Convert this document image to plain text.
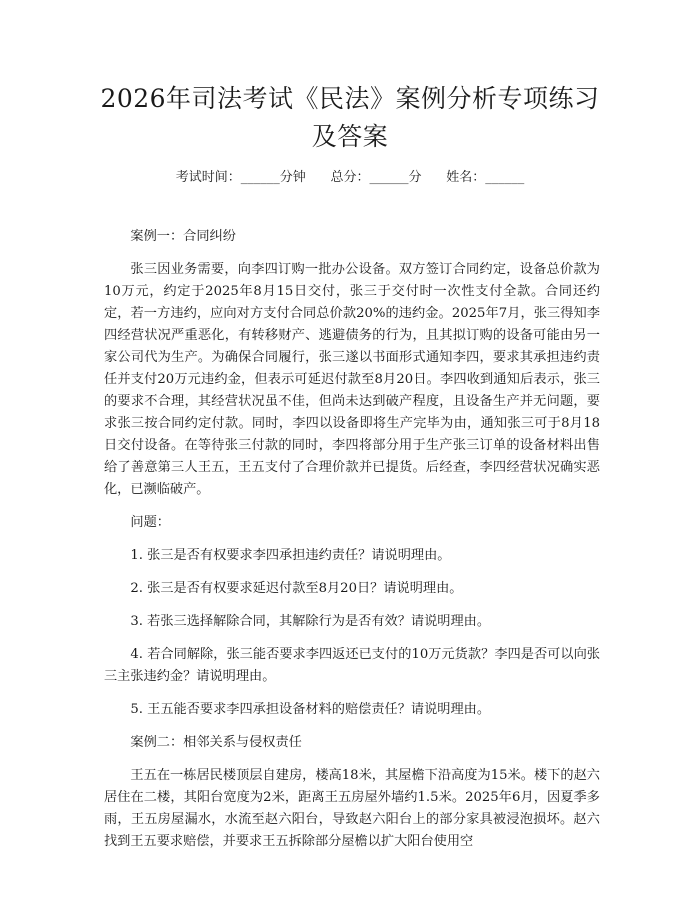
2026年司法考试《民法》案例分析专项练习及答案
考试时间：______分钟      总分：______分      姓名：______

案例一：合同纠纷

张三因业务需要，向李四订购一批办公设备。双方签订合同约定，设备总价款为10万元，约定于2025年8月15日交付，张三于交付时一次性支付全款。合同还约定，若一方违约，应向对方支付合同总价款20%的违约金。2025年7月，张三得知李四经营状况严重恶化，有转移财产、逃避债务的行为，且其拟订购的设备可能由另一家公司代为生产。为确保合同履行，张三遂以书面形式通知李四，要求其承担违约责任并支付20万元违约金，但表示可延迟付款至8月20日。李四收到通知后表示，张三的要求不合理，其经营状况虽不佳，但尚未达到破产程度，且设备生产并无问题，要求张三按合同约定付款。同时，李四以设备即将生产完毕为由，通知张三可于8月18日交付设备。在等待张三付款的同时，李四将部分用于生产张三订单的设备材料出售给了善意第三人王五，王五支付了合理价款并已提货。后经查，李四经营状况确实恶化，已濒临破产。

问题：

1. 张三是否有权要求李四承担违约责任？请说明理由。

2. 张三是否有权要求延迟付款至8月20日？请说明理由。

3. 若张三选择解除合同，其解除行为是否有效？请说明理由。

4. 若合同解除，张三能否要求李四返还已支付的10万元货款？李四是否可以向张三主张违约金？请说明理由。

5. 王五能否要求李四承担设备材料的赔偿责任？请说明理由。

案例二：相邻关系与侵权责任

王五在一栋居民楼顶层自建房，楼高18米，其屋檐下沿高度为15米。楼下的赵六居住在二楼，其阳台宽度为2米，距离王五房屋外墙约1.5米。2025年6月，因夏季多雨，王五房屋漏水，水流至赵六阳台，导致赵六阳台上的部分家具被浸泡损坏。赵六找到王五要求赔偿，并要求王五拆除部分屋檐以扩大阳台使用空
